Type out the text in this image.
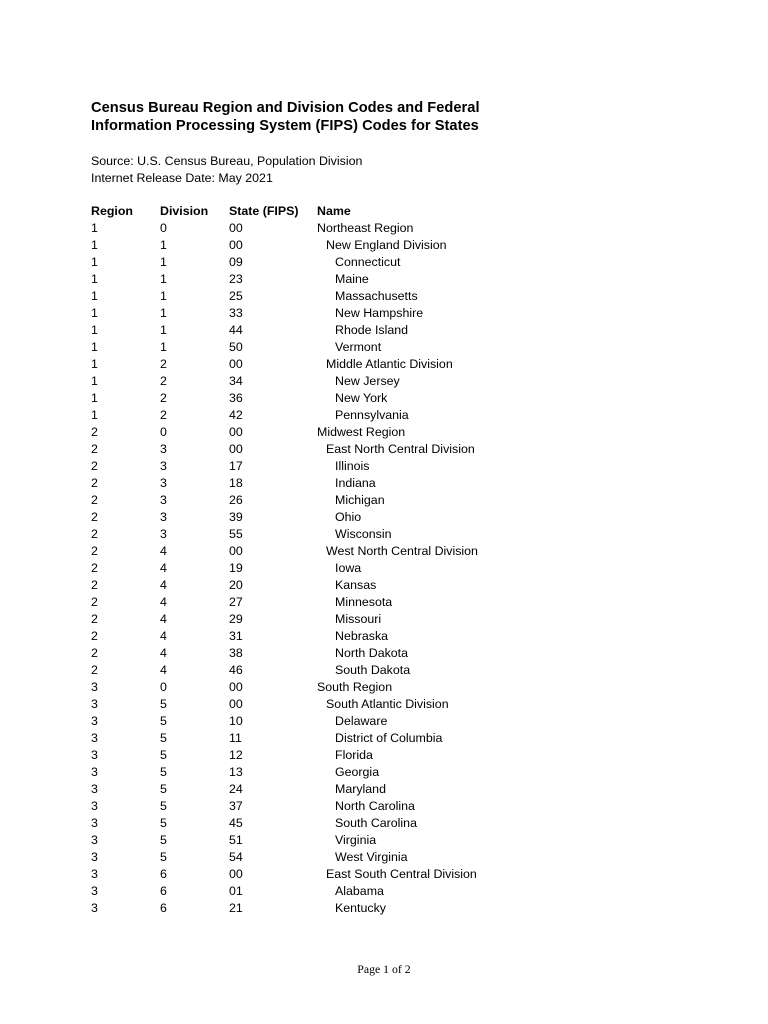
Census Bureau Region and Division Codes and Federal
Information Processing System (FIPS) Codes for States
Source: U.S. Census Bureau, Population Division
Internet Release Date: May 2021
Region Division State (FIPS) Name
1	0	00	Northeast Region
1	1	00	New England Division
1	1	09	Connecticut
1	1	23	Maine
1	1	25	Massachusetts
1	1	33	New Hampshire
1	1	44	Rhode Island
1	1	50	Vermont
1	2	00	Middle Atlantic Division
1	2	34	New Jersey
1	2	36	New York
1	2	42	Pennsylvania
2	0	00	Midwest Region
2	3	00	East North Central Division
2	3	17	Illinois
2	3	18	Indiana
2	3	26	Michigan
2	3	39	Ohio
2	3	55	Wisconsin
2	4	00	West North Central Division
2	4	19	Iowa
2	4	20	Kansas
2	4	27	Minnesota
2	4	29	Missouri
2	4	31	Nebraska
2	4	38	North Dakota
2	4	46	South Dakota
3	0	00	South Region
3	5	00	South Atlantic Division
3	5	10	Delaware
3	5	11	District of Columbia
3	5	12	Florida
3	5	13	Georgia
3	5	24	Maryland
3	5	37	North Carolina
3	5	45	South Carolina
3	5	51	Virginia
3	5	54	West Virginia
3	6	00	East South Central Division
3	6	01	Alabama
3	6	21	Kentucky
Page 1 of 2
